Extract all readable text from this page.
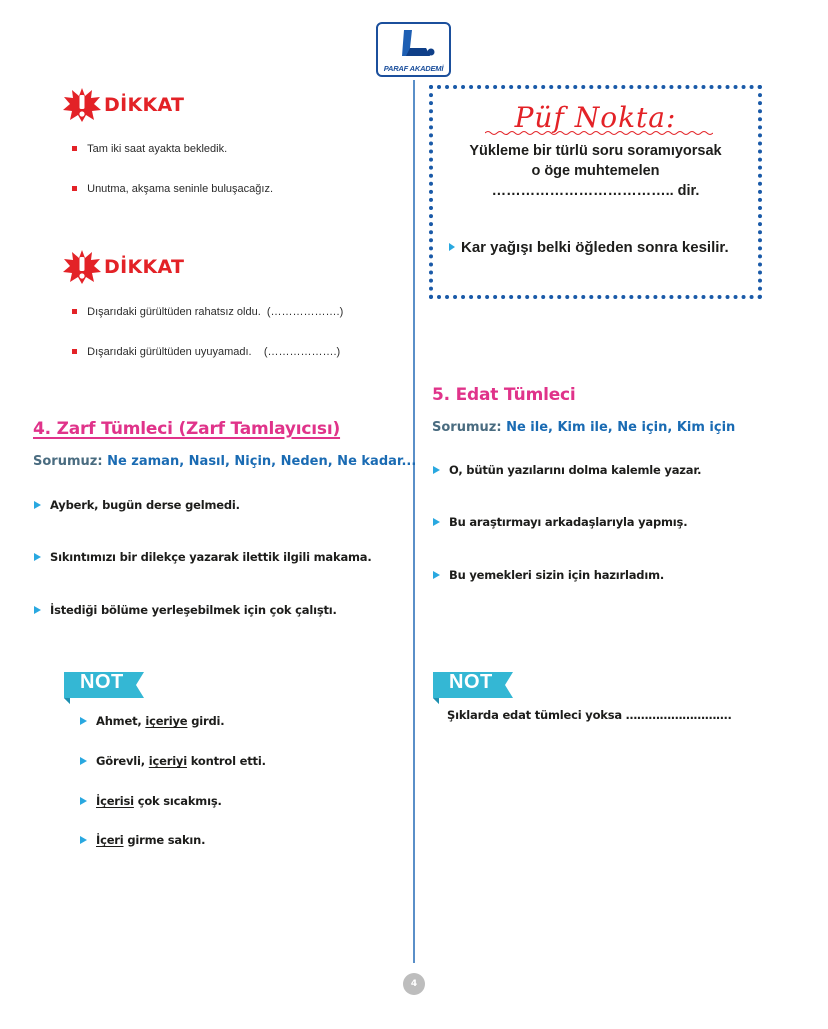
PARAF AKADEMİ
DİKKAT

Tam iki saat ayakta bekledik.

Unutma, akşama seninle buluşacağız.

DİKKAT

Dışarıdaki gürültüden rahatsız oldu.  (……………….)

Dışarıdaki gürültüden uyuyamadı.    (……………….)

Püf Nokta:
Yükleme bir türlü soru soramıyorsak
o öge muhtemelen
……………………………….. dir.
Kar yağışı belki öğleden sonra kesilir.
4. Zarf Tümleci (Zarf Tamlayıcısı)
Sorumuz: Ne zaman, Nasıl, Niçin, Neden, Ne kadar...
Ayberk, bugün derse gelmedi.
Sıkıntımızı bir dilekçe yazarak ilettik ilgili makama.
İstediği bölüme yerleşebilmek için çok çalıştı.
NOT
Ahmet, içeriye girdi.
Görevli, içeriyi kontrol etti.
İçerisi çok sıcakmış.
İçeri girme sakın.
5. Edat Tümleci
Sorumuz: Ne ile, Kim ile, Ne için, Kim için
O, bütün yazılarını dolma kalemle yazar.
Bu araştırmayı arkadaşlarıyla yapmış.
Bu yemekleri sizin için hazırladım.
NOT
Şıklarda edat tümleci yoksa ……………………….
4
